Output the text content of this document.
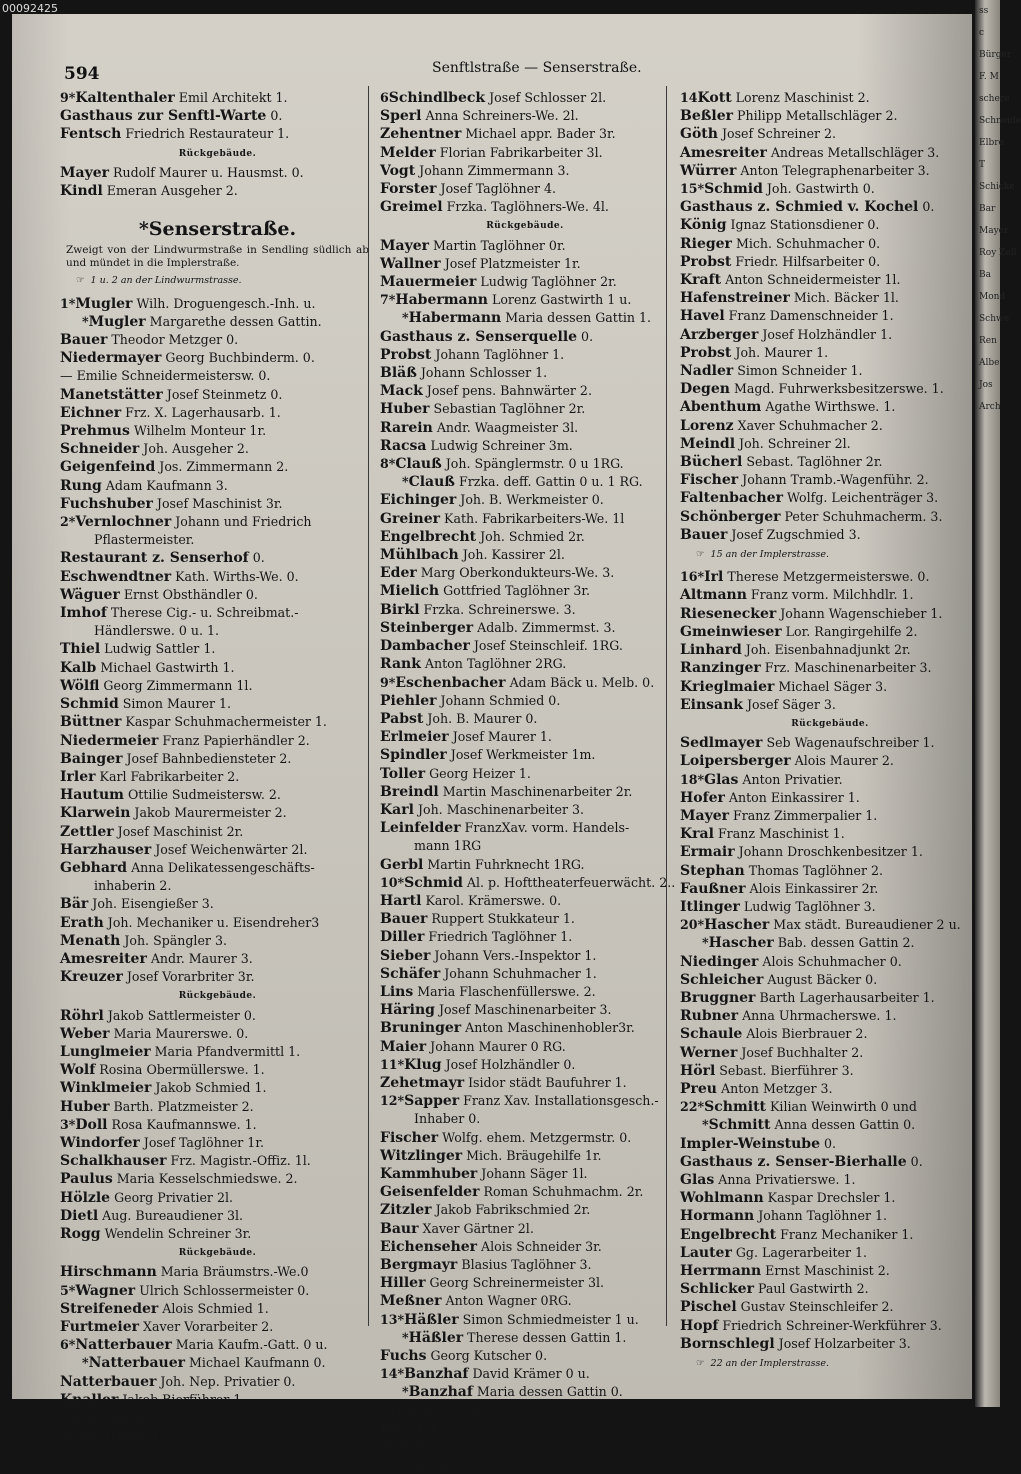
594	Senftlstraße — Senserstraße.
9*Kaltenthaler Emil Architekt 1.
Gasthaus zur Senftl-Warte 0.
Fentsch Friedrich Restaurateur 1.
Rückgebäude.
Mayer Rudolf Maurer u. Hausmst. 0.
Kindl Emeran Ausgeher 2.
*Senserstraße.
Zweigt von der Lindwurmstraße in Sendling südlich ab und mündet in die Implerstraße.
☞ 1 u. 2 an der Lindwurmstrasse.
1*Mugler Wilh. Droguengesch.-Inh. u.
*Mugler Margarethe dessen Gattin.
Bauer Theodor Metzger 0.
Niedermayer Georg Buchbinderm. 0.
— Emilie Schneidermeistersw. 0.
Manetstätter Josef Steinmetz 0.
Eichner Frz. X. Lagerhausarb. 1.
Prehmus Wilhelm Monteur 1r.
Schneider Joh. Ausgeher 2.
Geigenfeind Jos. Zimmermann 2.
Rung Adam Kaufmann 3.
Fuchshuber Josef Maschinist 3r.
2*Vernlochner Johann und Friedrich
Pflastermeister.
Restaurant z. Senserhof 0.
Eschwendtner Kath. Wirths-We. 0.
Wäguer Ernst Obsthändler 0.
Imhof Therese Cig.- u. Schreibmat.-
Händlerswe. 0 u. 1.
Thiel Ludwig Sattler 1.
Kalb Michael Gastwirth 1.
Wölfl Georg Zimmermann 1l.
Schmid Simon Maurer 1.
Büttner Kaspar Schuhmachermeister 1.
Niedermeier Franz Papierhändler 2.
Bainger Josef Bahnbediensteter 2.
Irler Karl Fabrikarbeiter 2.
Hautum Ottilie Sudmeistersw. 2.
Klarwein Jakob Maurermeister 2.
Zettler Josef Maschinist 2r.
Harzhauser Josef Weichenwärter 2l.
Gebhard Anna Delikatessengeschäfts-
inhaberin 2.
Bär Joh. Eisengießer 3.
Erath Joh. Mechaniker u. Eisendreher3
Menath Joh. Spängler 3.
Amesreiter Andr. Maurer 3.
Kreuzer Josef Vorarbriter 3r.
Rückgebäude.
Röhrl Jakob Sattlermeister 0.
Weber Maria Maurerswe. 0.
Lunglmeier Maria Pfandvermittl 1.
Wolf Rosina Obermüllerswe. 1.
Winklmeier Jakob Schmied 1.
Huber Barth. Platzmeister 2.
3*Doll Rosa Kaufmannswe. 1.
Windorfer Josef Taglöhner 1r.
Schalkhauser Frz. Magistr.-Offiz. 1l.
Paulus Maria Kesselschmiedswe. 2.
Hölzle Georg Privatier 2l.
Dietl Aug. Bureaudiener 3l.
Rogg Wendelin Schreiner 3r.
Rückgebäude.
Hirschmann Maria Bräumstrs.-We.0
5*Wagner Ulrich Schlossermeister 0.
Streifeneder Alois Schmied 1.
Furtmeier Xaver Vorarbeiter 2.
6*Natterbauer Maria Kaufm.-Gatt. 0 u.
*Natterbauer Michael Kaufmann 0.
Natterbauer Joh. Nep. Privatier 0.
Knaller Jakob Bierführer 1.
Gabelberger Andreas Wagenf. 1.
Schierlinger Jakob Schmiedgehilfe 2r
6Schindlbeck Josef Schlosser 2l.
Sperl Anna Schreiners-We. 2l.
Zehentner Michael appr. Bader 3r.
Melder Florian Fabrikarbeiter 3l.
Vogt Johann Zimmermann 3.
Forster Josef Taglöhner 4.
Greimel Frzka. Taglöhners-We. 4l.
Rückgebäude.
Mayer Martin Taglöhner 0r.
Wallner Josef Platzmeister 1r.
Mauermeier Ludwig Taglöhner 2r.
7*Habermann Lorenz Gastwirth 1 u.
*Habermann Maria dessen Gattin 1.
Gasthaus z. Senserquelle 0.
Probst Johann Taglöhner 1.
Bläß Johann Schlosser 1.
Mack Josef pens. Bahnwärter 2.
Huber Sebastian Taglöhner 2r.
Rarein Andr. Waagmeister 3l.
Racsa Ludwig Schreiner 3m.
8*Clauß Joh. Spänglermstr. 0 u 1RG.
*Clauß Frzka. deff. Gattin 0 u. 1 RG.
Eichinger Joh. B. Werkmeister 0.
Greiner Kath. Fabrikarbeiters-We. 1l
Engelbrecht Joh. Schmied 2r.
Mühlbach Joh. Kassirer 2l.
Eder Marg Oberkondukteurs-We. 3.
Mielich Gottfried Taglöhner 3r.
Birkl Frzka. Schreinerswe. 3.
Steinberger Adalb. Zimmermst. 3.
Dambacher Josef Steinschleif. 1RG.
Rank Anton Taglöhner 2RG.
9*Eschenbacher Adam Bäck u. Melb. 0.
Piehler Johann Schmied 0.
Pabst Joh. B. Maurer 0.
Erlmeier Josef Maurer 1.
Spindler Josef Werkmeister 1m.
Toller Georg Heizer 1.
Breindl Martin Maschinenarbeiter 2r.
Karl Joh. Maschinenarbeiter 3.
Leinfelder FranzXav. vorm. Handels-
mann 1RG
Gerbl Martin Fuhrknecht 1RG.
10*Schmid Al. p. Hofttheaterfeuerwächt. 2..
Hartl Karol. Krämerswe. 0.
Bauer Ruppert Stukkateur 1.
Diller Friedrich Taglöhner 1.
Sieber Johann Vers.-Inspektor 1.
Schäfer Johann Schuhmacher 1.
Lins Maria Flaschenfüllerswe. 2.
Häring Josef Maschinenarbeiter 3.
Bruninger Anton Maschinenhobler3r.
Maier Johann Maurer 0 RG.
11*Klug Josef Holzhändler 0.
Zehetmayr Isidor städt Baufuhrer 1.
12*Sapper Franz Xav. Installationsgesch.-
Inhaber 0.
Fischer Wolfg. ehem. Metzgermstr. 0.
Witzlinger Mich. Bräugehilfe 1r.
Kammhuber Johann Säger 1l.
Geisenfelder Roman Schuhmachm. 2r.
Zitzler Jakob Fabrikschmied 2r.
Baur Xaver Gärtner 2l.
Eichenseher Alois Schneider 3r.
Bergmayr Blasius Taglöhner 3.
Hiller Georg Schreinermeister 3l.
Meßner Anton Wagner 0RG.
13*Häßler Simon Schmiedmeister 1 u.
*Häßler Therese dessen Gattin 1.
Fuchs Georg Kutscher 0.
14*Banzhaf David Krämer 0 u.
*Banzhaf Maria dessen Gattin 0.
Straub Johann Schreiner 0.
Beraler Ludwig Bremser 1.
Schlierf Gg. Fuhrmann 1.
Geisberger Georg städt. Ländarb. 1.
14Kott Lorenz Maschinist 2.
Beßler Philipp Metallschläger 2.
Göth Josef Schreiner 2.
Amesreiter Andreas Metallschläger 3.
Würrer Anton Telegraphenarbeiter 3.
15*Schmid Joh. Gastwirth 0.
Gasthaus z. Schmied v. Kochel 0.
König Ignaz Stationsdiener 0.
Rieger Mich. Schuhmacher 0.
Probst Friedr. Hilfsarbeiter 0.
Kraft Anton Schneidermeister 1l.
Hafenstreiner Mich. Bäcker 1l.
Havel Franz Damenschneider 1.
Arzberger Josef Holzhändler 1.
Probst Joh. Maurer 1.
Nadler Simon Schneider 1.
Degen Magd. Fuhrwerksbesitzerswe. 1.
Abenthum Agathe Wirthswe. 1.
Lorenz Xaver Schuhmacher 2.
Meindl Joh. Schreiner 2l.
Bücherl Sebast. Taglöhner 2r.
Fischer Johann Tramb.-Wagenführ. 2.
Faltenbacher Wolfg. Leichenträger 3.
Schönberger Peter Schuhmacherm. 3.
Bauer Josef Zugschmied 3.
☞ 15 an der Implerstrasse.
16*Irl Therese Metzgermeisterswe. 0.
Altmann Franz vorm. Milchhdlr. 1.
Riesenecker Johann Wagenschieber 1.
Gmeinwieser Lor. Rangirgehilfe 2.
Linhard Joh. Eisenbahnadjunkt 2r.
Ranzinger Frz. Maschinenarbeiter 3.
Krieglmaier Michael Säger 3.
Einsank Josef Säger 3.
Rückgebäude.
Sedlmayer Seb Wagenaufschreiber 1.
Loipersberger Alois Maurer 2.
18*Glas Anton Privatier.
Hofer Anton Einkassirer 1.
Mayer Franz Zimmerpalier 1.
Kral Franz Maschinist 1.
Ermair Johann Droschkenbesitzer 1.
Stephan Thomas Taglöhner 2.
Faußner Alois Einkassirer 2r.
Itlinger Ludwig Taglöhner 3.
20*Hascher Max städt. Bureaudiener 2 u.
*Hascher Bab. dessen Gattin 2.
Niedinger Alois Schuhmacher 0.
Schleicher August Bäcker 0.
Bruggner Barth Lagerhausarbeiter 1.
Rubner Anna Uhrmacherswe. 1.
Schaule Alois Bierbrauer 2.
Werner Josef Buchhalter 2.
Hörl Sebast. Bierführer 3.
Preu Anton Metzger 3.
22*Schmitt Kilian Weinwirth 0 und
*Schmitt Anna dessen Gattin 0.
Impler-Weinstube 0.
Gasthaus z. Senser-Bierhalle 0.
Glas Anna Privatierswe. 1.
Wohlmann Kaspar Drechsler 1.
Hormann Johann Taglöhner 1.
Engelbrecht Franz Mechaniker 1.
Lauter Gg. Lagerarbeiter 1.
Herrmann Ernst Maschinist 2.
Schlicker Paul Gastwirth 2.
Pischel Gustav Steinschleifer 2.
Hopf Friedrich Schreiner-Werkführer 3.
Bornschlegl Josef Holzarbeiter 3.
☞ 22 an der Implerstrasse.
ss
c
Bürger
F. M
schere
Schneide
Elbre
T
Schicke
Bar
Mayer
Roy Zell
Ba
Mond
Schwe
Ren
Albe
Jos
Arch
00092425
